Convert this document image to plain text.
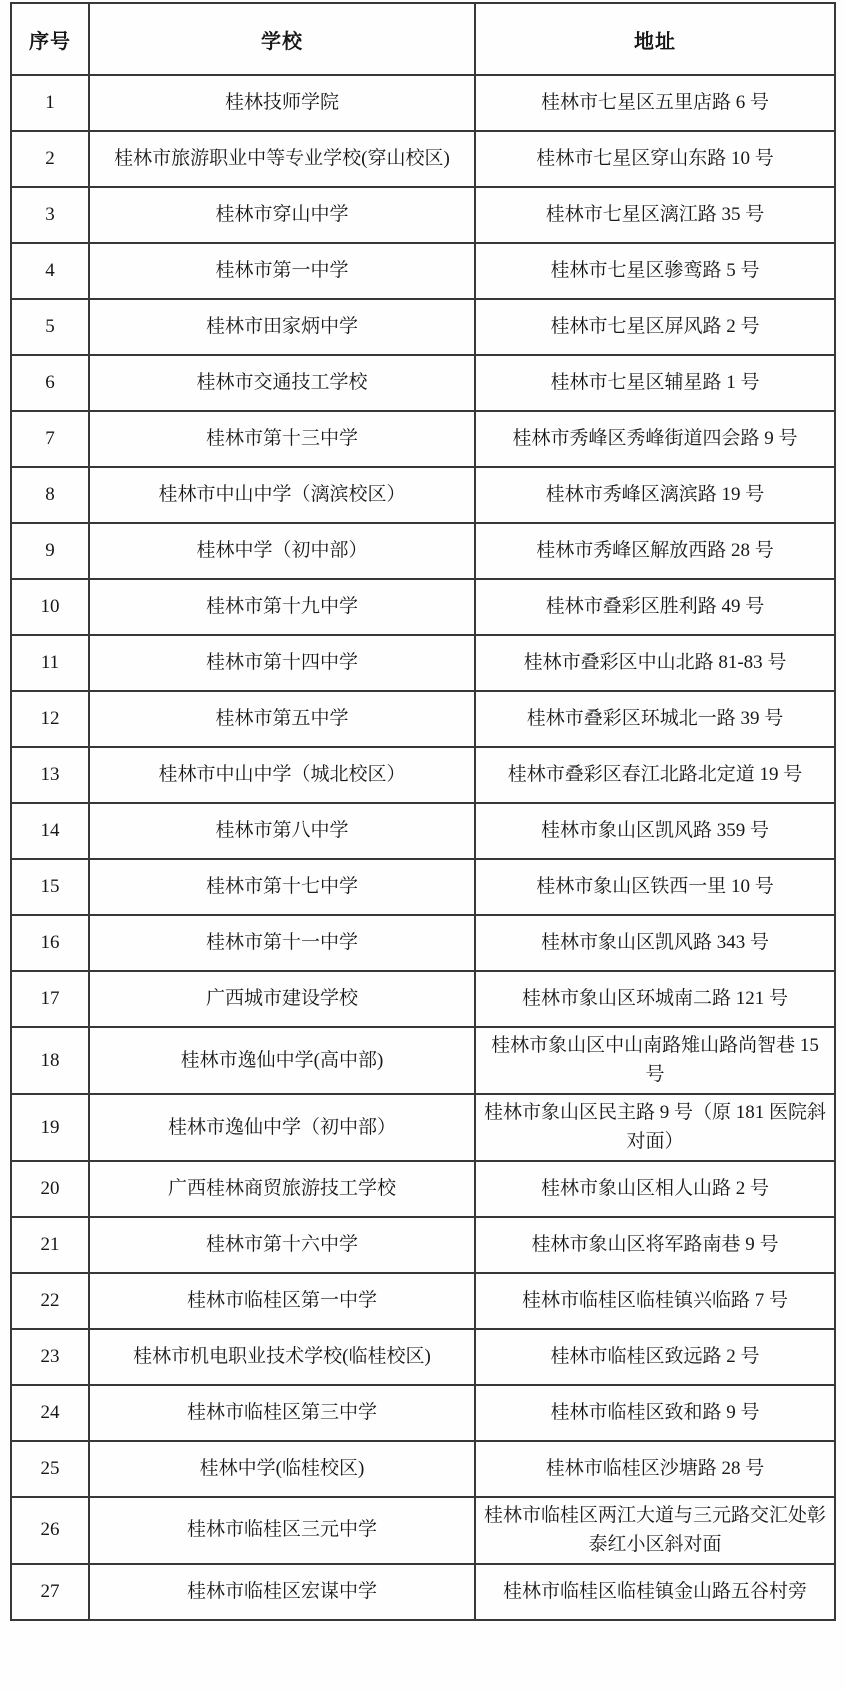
序号	学校	地址
1	桂林技师学院	桂林市七星区五里店路 6 号
2	桂林市旅游职业中等专业学校(穿山校区)	桂林市七星区穿山东路 10 号
3	桂林市穿山中学	桂林市七星区漓江路 35 号
4	桂林市第一中学	桂林市七星区骖鸾路 5 号
5	桂林市田家炳中学	桂林市七星区屏风路 2 号
6	桂林市交通技工学校	桂林市七星区辅星路 1 号
7	桂林市第十三中学	桂林市秀峰区秀峰街道四会路 9 号
8	桂林市中山中学（漓滨校区）	桂林市秀峰区漓滨路 19 号
9	桂林中学（初中部）	桂林市秀峰区解放西路 28 号
10	桂林市第十九中学	桂林市叠彩区胜利路 49 号
11	桂林市第十四中学	桂林市叠彩区中山北路 81-83 号
12	桂林市第五中学	桂林市叠彩区环城北一路 39 号
13	桂林市中山中学（城北校区）	桂林市叠彩区春江北路北定道 19 号
14	桂林市第八中学	桂林市象山区凯风路 359 号
15	桂林市第十七中学	桂林市象山区铁西一里 10 号
16	桂林市第十一中学	桂林市象山区凯风路 343 号
17	广西城市建设学校	桂林市象山区环城南二路 121 号
18	桂林市逸仙中学(高中部)	桂林市象山区中山南路雉山路尚智巷 15 号
19	桂林市逸仙中学（初中部）	桂林市象山区民主路 9 号（原 181 医院斜对面）
20	广西桂林商贸旅游技工学校	桂林市象山区相人山路 2 号
21	桂林市第十六中学	桂林市象山区将军路南巷 9 号
22	桂林市临桂区第一中学	桂林市临桂区临桂镇兴临路 7 号
23	桂林市机电职业技术学校(临桂校区)	桂林市临桂区致远路 2 号
24	桂林市临桂区第三中学	桂林市临桂区致和路 9 号
25	桂林中学(临桂校区)	桂林市临桂区沙塘路 28 号
26	桂林市临桂区三元中学	桂林市临桂区两江大道与三元路交汇处彰泰红小区斜对面
27	桂林市临桂区宏谋中学	桂林市临桂区临桂镇金山路五谷村旁
